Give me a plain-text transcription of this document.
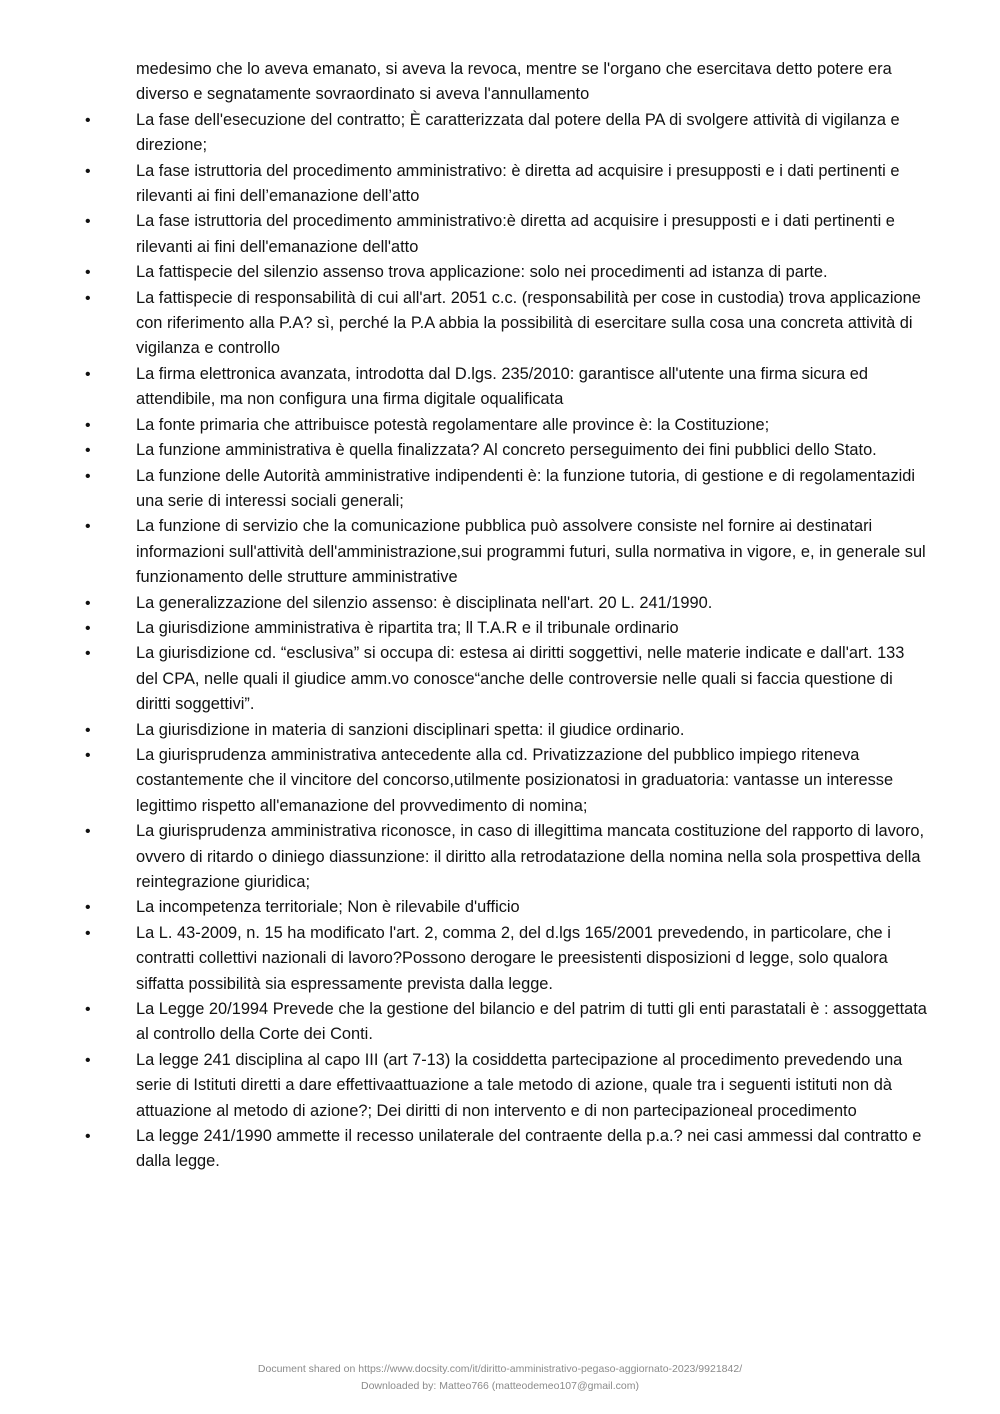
medesimo che lo aveva emanato, si aveva la revoca, mentre se l'organo che esercitava detto potere era diverso e segnatamente sovraordinato si aveva l'annullamento
•	La fase dell'esecuzione del contratto; È caratterizzata dal potere della PA di svolgere attività di vigilanza e direzione;
•	La fase istruttoria del procedimento amministrativo: è diretta ad acquisire i presupposti e i dati pertinenti e rilevanti ai fini dell’emanazione dell’atto
•	La fase istruttoria del procedimento amministrativo:è diretta ad acquisire i presupposti e i dati pertinenti e rilevanti ai fini dell'emanazione dell'atto
•	La fattispecie del silenzio assenso trova applicazione: solo nei procedimenti ad istanza di parte.
•	La fattispecie di responsabilità di cui all'art. 2051 c.c. (responsabilità per cose in custodia) trova applicazione con riferimento alla P.A? sì, perché la P.A abbia la possibilità di esercitare sulla cosa una concreta attività di vigilanza e controllo
•	La firma elettronica avanzata, introdotta dal D.lgs. 235/2010: garantisce all'utente una firma sicura ed attendibile, ma non configura una firma digitale oqualificata
•	La fonte primaria che attribuisce potestà regolamentare alle province è: la Costituzione;
•	La funzione amministrativa è quella finalizzata? Al concreto perseguimento dei fini pubblici dello Stato.
•	La funzione delle Autorità amministrative indipendenti è: la funzione tutoria, di gestione e di regolamentazidi una serie di interessi sociali generali;
•	La funzione di servizio che la comunicazione pubblica può assolvere consiste nel fornire ai destinatari informazioni sull'attività dell'amministrazione,sui programmi futuri, sulla normativa in vigore, e, in generale sul funzionamento delle strutture amministrative
•	La generalizzazione del silenzio assenso: è disciplinata nell'art. 20 L. 241/1990.
•	La giurisdizione amministrativa è ripartita tra; ll T.A.R e il tribunale ordinario
•	La giurisdizione cd. “esclusiva” si occupa di: estesa ai diritti soggettivi, nelle materie indicate e dall'art. 133 del CPA, nelle quali il giudice amm.vo conosce“anche delle controversie nelle quali si faccia questione di diritti soggettivi”.
•	La giurisdizione in materia di sanzioni disciplinari spetta: il giudice ordinario.
•	La giurisprudenza amministrativa antecedente alla cd. Privatizzazione del pubblico impiego riteneva costantemente che il vincitore del concorso,utilmente posizionatosi in graduatoria: vantasse un interesse legittimo rispetto all'emanazione del provvedimento di nomina;
•	La giurisprudenza amministrativa riconosce, in caso di illegittima mancata costituzione del rapporto di lavoro, ovvero di ritardo o diniego diassunzione: il diritto alla retrodatazione della nomina nella sola prospettiva della reintegrazione giuridica;
•	La incompetenza territoriale; Non è rilevabile d'ufficio
•	La L. 43-2009, n. 15 ha modificato l'art. 2, comma 2, del d.lgs 165/2001 prevedendo, in particolare, che i contratti collettivi nazionali di lavoro?Possono derogare le preesistenti disposizioni d legge, solo qualora siffatta possibilità sia espressamente prevista dalla legge.
•	La Legge 20/1994 Prevede che la gestione del bilancio e del patrim di tutti gli enti parastatali è : assoggettata al controllo della Corte dei Conti.
•	La legge 241 disciplina al capo III (art 7-13) la cosiddetta partecipazione al procedimento prevedendo una serie di Istituti diretti a dare effettivaattuazione a tale metodo di azione, quale tra i seguenti istituti non dà attuazione al metodo di azione?; Dei diritti di non intervento e di non partecipazioneal procedimento
•	La legge 241/1990 ammette il recesso unilaterale del contraente della p.a.? nei casi ammessi dal contratto e dalla legge.
Document shared on https://www.docsity.com/it/diritto-amministrativo-pegaso-aggiornato-2023/9921842/
Downloaded by: Matteo766 (matteodemeo107@gmail.com)
